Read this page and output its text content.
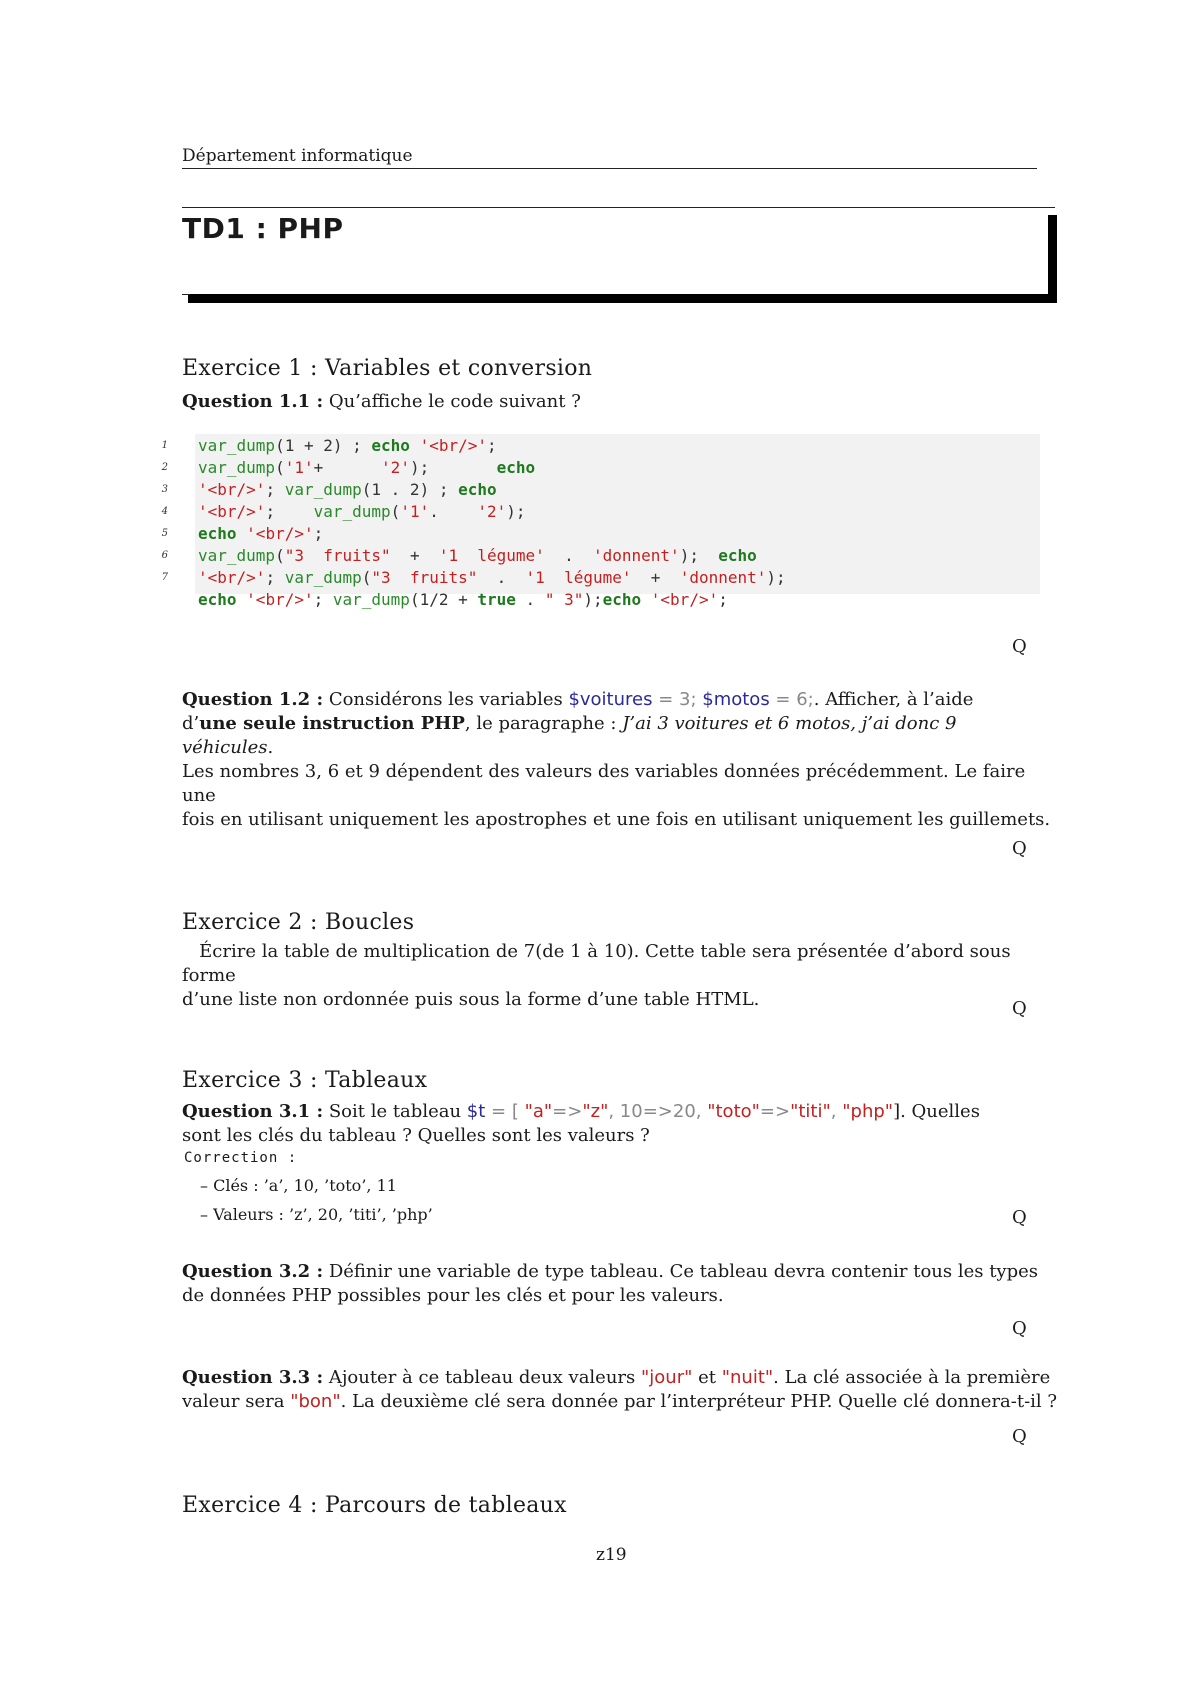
Département informatique
TD1 : PHP
Exercice 1 : Variables et conversion
Question 1.1 : Qu’affiche le code suivant ?
var_dump(1 + 2) ; echo '<br/>';
var_dump('1'+      '2');       echo
'<br/>'; var_dump(1 . 2) ; echo
'<br/>';    var_dump('1'.    '2');
echo '<br/>';
var_dump("3  fruits"  +  '1  légume'  .  'donnent');  echo
'<br/>'; var_dump("3  fruits"  .  '1  légume'  +  'donnent');
echo '<br/>'; var_dump(1/2 + true . " 3");echo '<br/>';
1
2
3
4
5
6
7
Q
Question 1.2 : Considérons les variables $voitures = 3; $motos = 6;. Afficher, à l’aide
d’une seule instruction PHP, le paragraphe : J’ai 3 voitures et 6 motos, j’ai donc 9
véhicules.
Les nombres 3, 6 et 9 dépendent des valeurs des variables données précédemment. Le faire une
fois en utilisant uniquement les apostrophes et une fois en utilisant uniquement les guillemets.
Q
Exercice 2 : Boucles
Écrire la table de multiplication de 7(de 1 à 10). Cette table sera présentée d’abord sous forme
d’une liste non ordonnée puis sous la forme d’une table HTML.	Q
Exercice 3 : Tableaux
Question 3.1 : Soit le tableau $t = [ "a"=>"z", 10=>20, "toto"=>"titi", "php"]. Quelles
sont les clés du tableau ? Quelles sont les valeurs ?
Correction :
– Clés : ’a’, 10, ’toto’, 11
– Valeurs : ’z’, 20, ’titi’, ’php’	Q
Question 3.2 : Définir une variable de type tableau. Ce tableau devra contenir tous les types
de données PHP possibles pour les clés et pour les valeurs.
Q
Question 3.3 : Ajouter à ce tableau deux valeurs "jour" et "nuit". La clé associée à la première
valeur sera "bon". La deuxième clé sera donnée par l’interpréteur PHP. Quelle clé donnera-t-il ?
Q
Exercice 4 : Parcours de tableaux
z19
